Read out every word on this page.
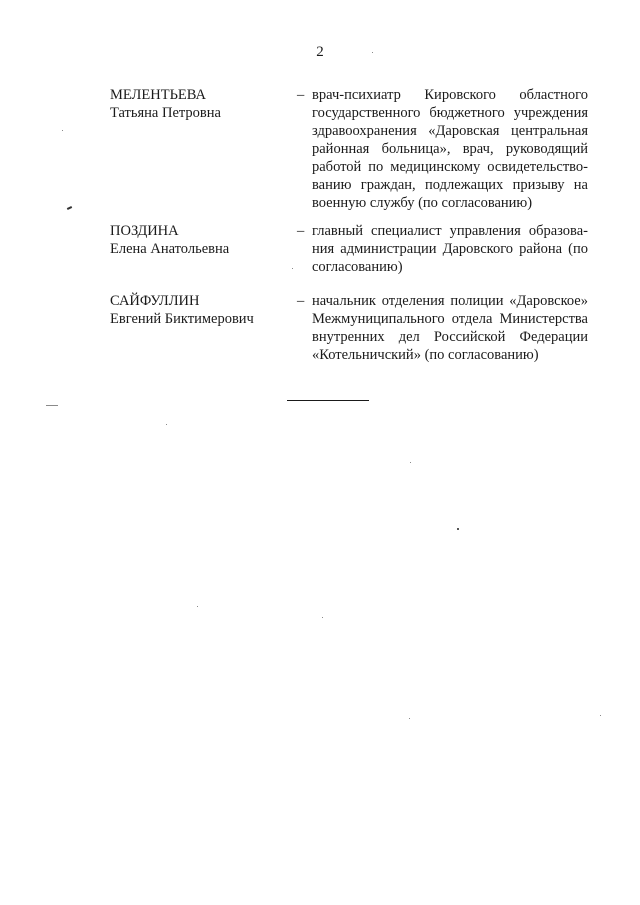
2
МЕЛЕНТЬЕВА
Татьяна Петровна
– врач-психиатр Кировского областного государственного бюджетного учреждения здравоохранения «Даровская центральная районная больница», врач, руководящий работой по медицинскому освидетельствованию граждан, подлежащих призыву на военную службу (по согласованию)
ПОЗДИНА
Елена Анатольевна
– главный специалист управления образования администрации Даровского района (по согласованию)
САЙФУЛЛИН
Евгений Биктимерович
– начальник отделения полиции «Даровское» Межмуниципального отдела Министерства внутренних дел Российской Федерации «Котельничский» (по согласованию)
